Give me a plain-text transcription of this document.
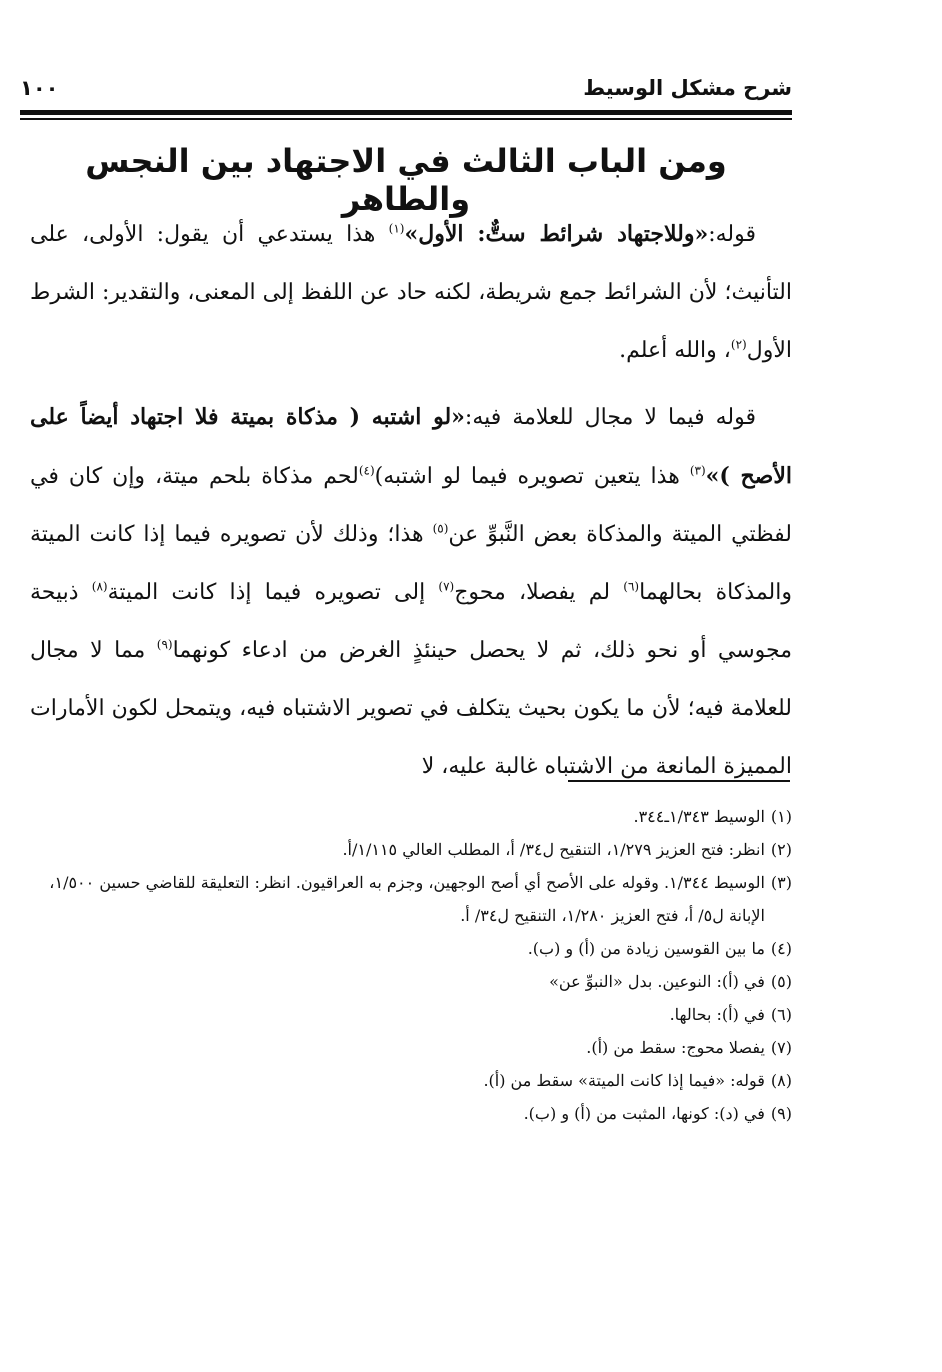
شرح مشكل الوسيط
١٠٠
ومن الباب الثالث في الاجتهاد بين النجس والطاهر

قوله:«وللاجتهاد شرائط ستٌّ: الأول»$^{(١)}$ هذا يستدعي أن يقول: الأولى، على التأنيث؛ لأن الشرائط جمع شريطة، لكنه حاد عن اللفظ إلى المعنى، والتقدير: الشرط الأول$^{(٢)}$، والله أعلم.

قوله فيما لا مجال للعلامة فيه:«لو اشتبه ( مذكاة بميتة فلا اجتهاد أيضاً على الأصح )»$^{(٣)}$ هذا يتعين تصويره فيما لو اشتبه)$^{(٤)}$لحم مذكاة بلحم ميتة، وإن كان في لفظتي الميتة والمذكاة بعض النَّبوِّ عن$^{(٥)}$ هذا؛ وذلك لأن تصويره فيما إذا كانت الميتة والمذكاة بحالهما$^{(٦)}$ لم يفصلا، محوج$^{(٧)}$ إلى تصويره فيما إذا كانت الميتة$^{(٨)}$ ذبيحة مجوسي أو نحو ذلك، ثم لا يحصل حينئذٍ الغرض من ادعاء كونهما$^{(٩)}$ مما لا مجال للعلامة فيه؛ لأن ما يكون بحيث يتكلف في تصوير الاشتباه فيه، ويتمحل لكون الأمارات المميزة المانعة من الاشتباه غالبة عليه، لا

(١)
الوسيط ١/٣٤٣ـ٣٤٤.
(٢)
انظر: فتح العزيز ١/٢٧٩، التنقيح ل٣٤/ أ، المطلب العالي ١/١١٥/أ.
(٣)
الوسيط ١/٣٤٤. وقوله على الأصح أي أصح الوجهين، وجزم به العراقيون. انظر: التعليقة للقاضي حسين ١/٥٠٠، الإبانة ل٥/ أ، فتح العزيز ١/٢٨٠، التنقيح ل٣٤/ أ.
(٤)
ما بين القوسين زيادة من (أ) و (ب).
(٥)
في (أ): النوعين. بدل «النبوِّ عن»
(٦)
في (أ): بحالها.
(٧)
يفصلا محوج: سقط من (أ).
(٨)
قوله: «فيما إذا كانت الميتة» سقط من (أ).
(٩)
في (د): كونها، المثبت من (أ) و (ب).
